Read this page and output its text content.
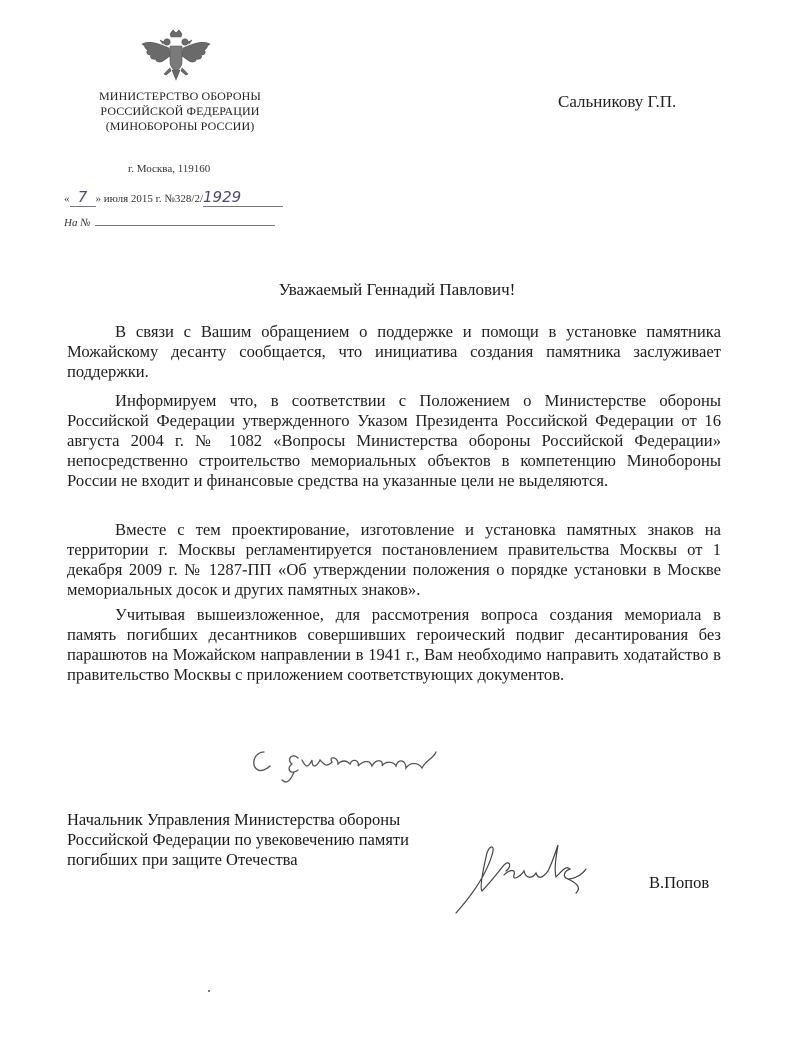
МИНИСТЕРСТВО ОБОРОНЫ
РОССИЙСКОЙ ФЕДЕРАЦИИ
(МИНОБОРОНЫ РОССИИ)
г. Москва, 119160
« 7 » июля 2015 г. №328/2/1929
На №
Сальникову Г.П.
Уважаемый Геннадий Павлович!
В связи с Вашим обращением о поддержке и помощи в установке памятника Можайскому десанту сообщается, что инициатива создания памятника заслуживает поддержки.
Информируем что, в соответствии с Положением о Министерстве обороны Российской Федерации утвержденного Указом Президента Российской Федерации от 16 августа 2004 г. № 1082 «Вопросы Министерства обороны Российской Федерации» непосредственно строительство мемориальных объектов в компетенцию Минобороны России не входит и финансовые средства на указанные цели не выделяются.
Вместе с тем проектирование, изготовление и установка памятных знаков на территории г. Москвы регламентируется постановлением правительства Москвы от 1 декабря 2009 г. № 1287-ПП «Об утверждении положения о порядке установки в Москве мемориальных досок и других памятных знаков».
Учитывая вышеизложенное, для рассмотрения вопроса создания мемориала в память погибших десантников совершивших героический подвиг десантирования без парашютов на Можайском направлении в 1941 г., Вам необходимо направить ходатайство в правительство Москвы с приложением соответствующих документов.
Начальник Управления Министерства обороны
Российской Федерации по увековечению памяти
погибших при защите Отечества
В.Попов
